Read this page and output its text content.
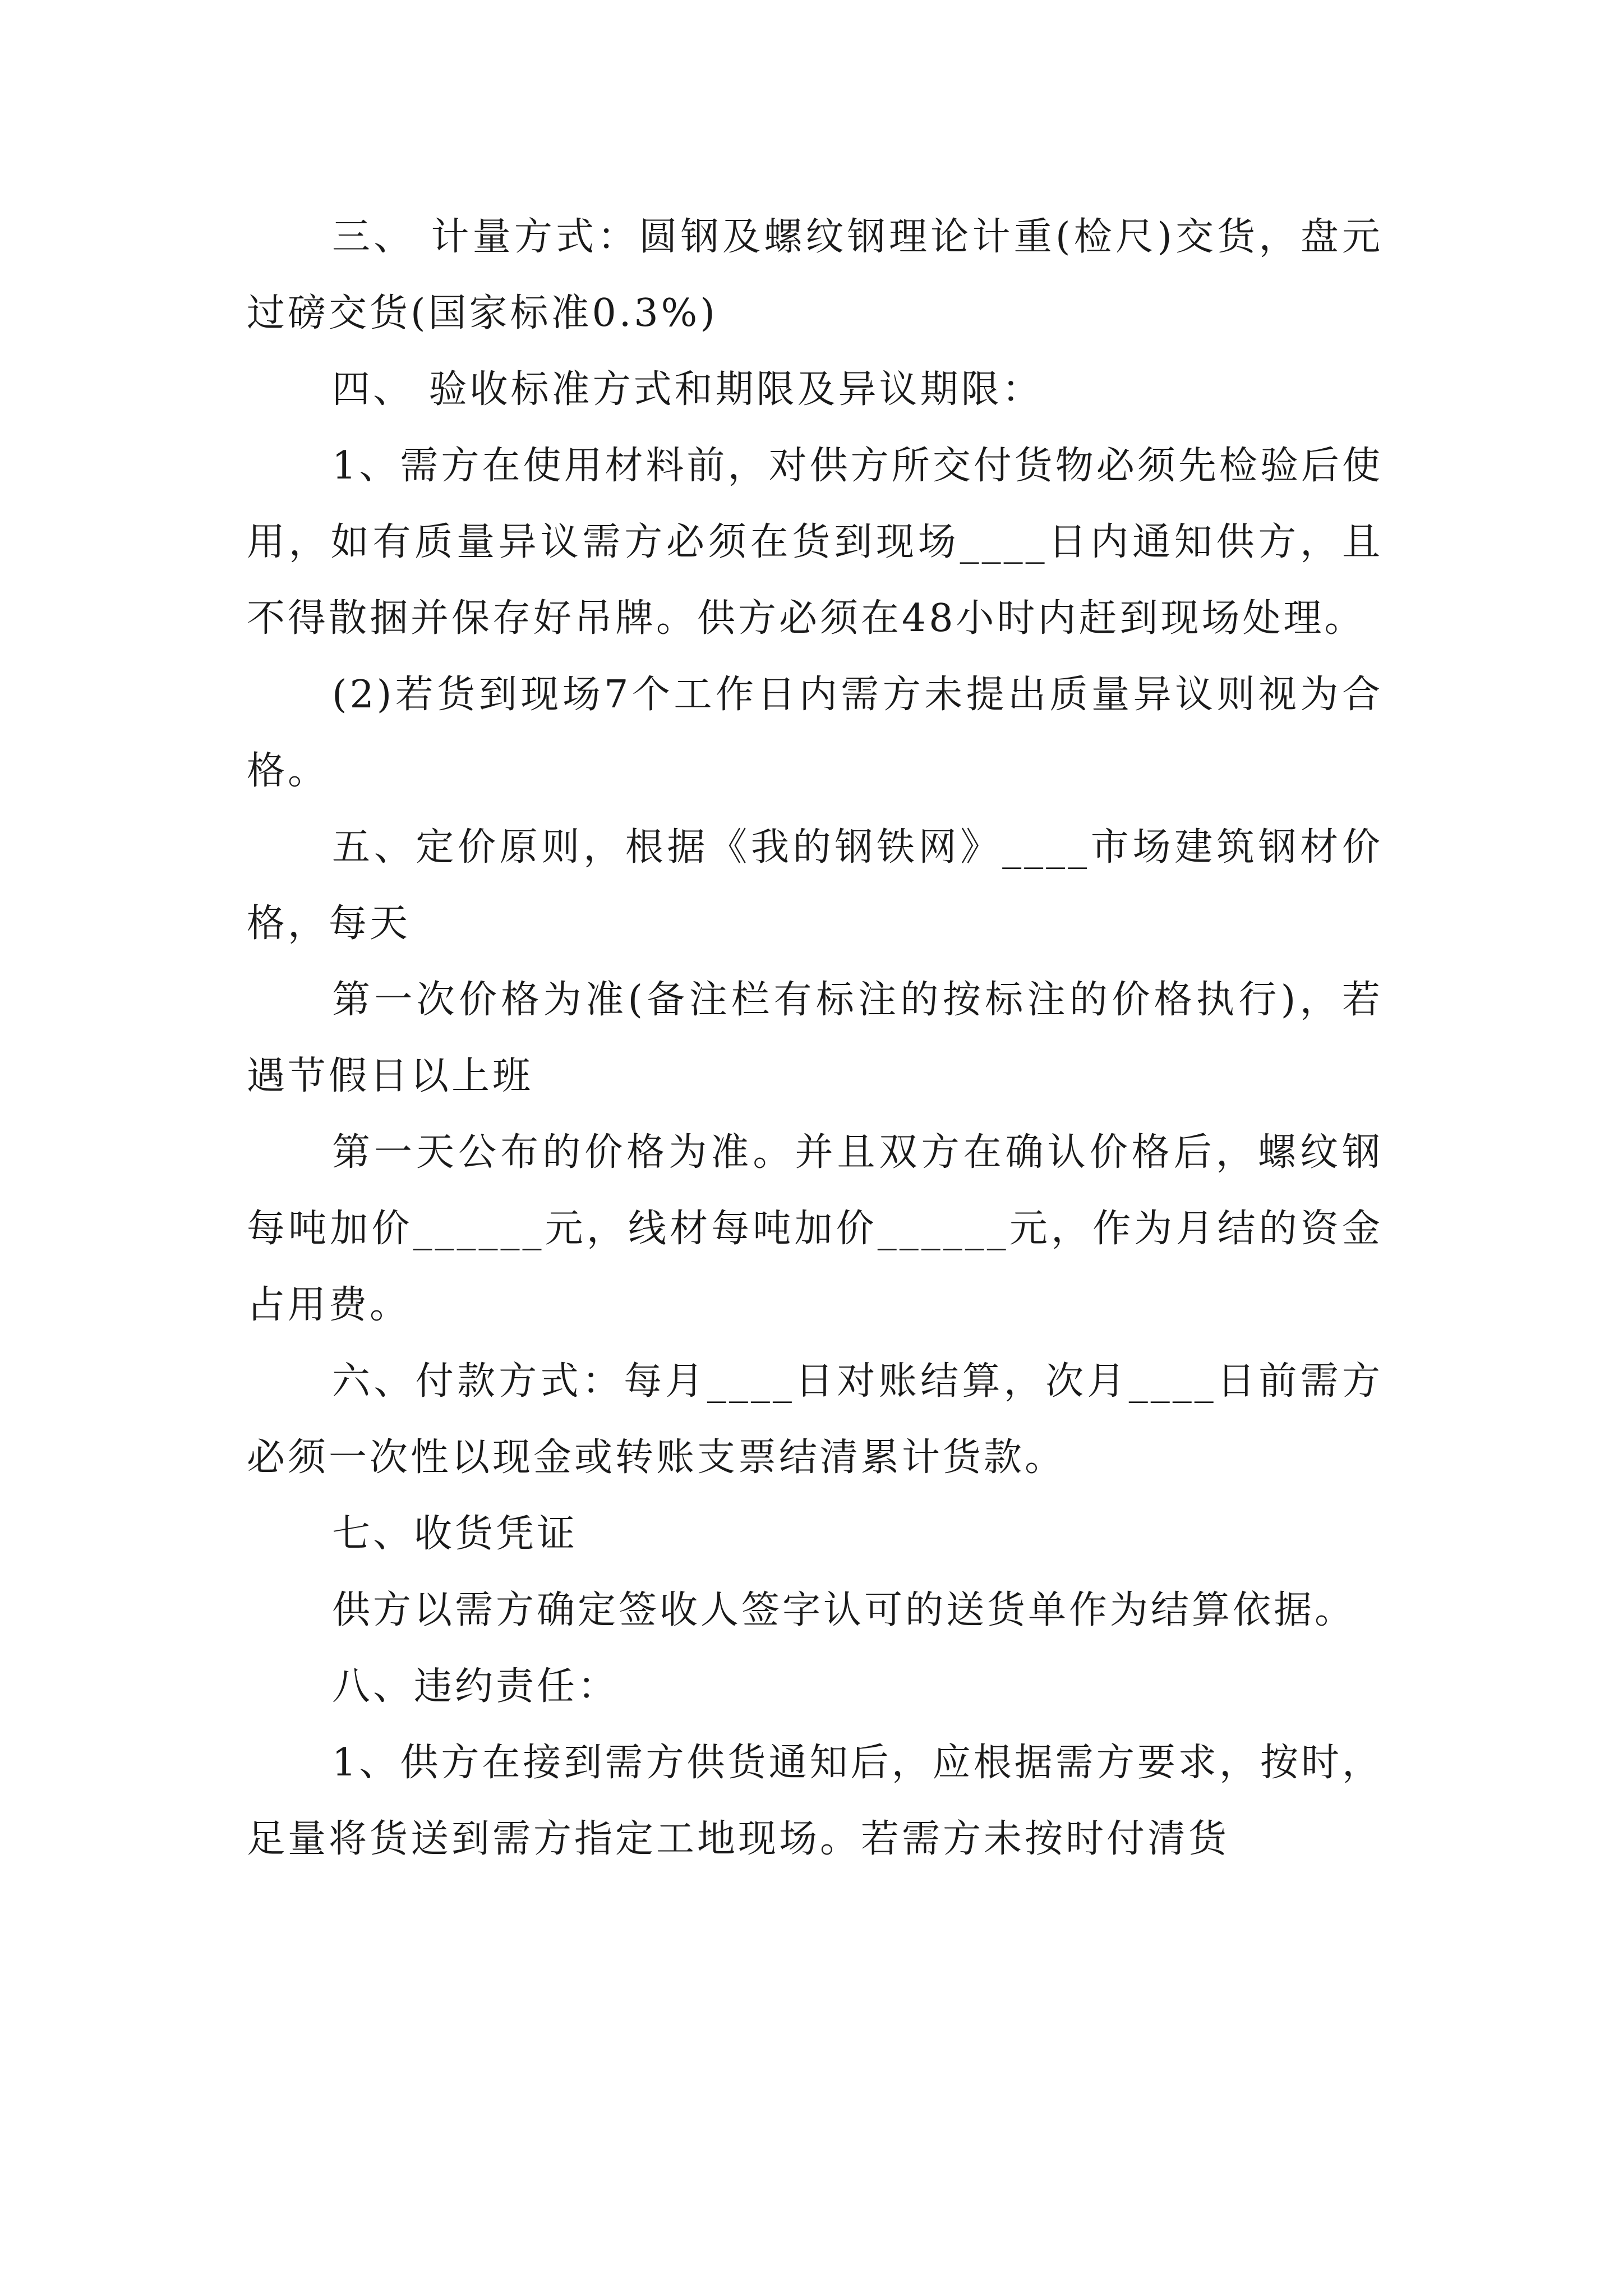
三、 计量方式：圆钢及螺纹钢理论计重(检尺)交货，盘元过磅交货(国家标准0.3%)

四、 验收标准方式和期限及异议期限：

1、需方在使用材料前，对供方所交付货物必须先检验后使用，如有质量异议需方必须在货到现场____日内通知供方，且不得散捆并保存好吊牌。供方必须在48小时内赶到现场处理。

(2)若货到现场7个工作日内需方未提出质量异议则视为合格。

五、定价原则，根据《我的钢铁网》____市场建筑钢材价格，每天

第一次价格为准(备注栏有标注的按标注的价格执行)，若遇节假日以上班

第一天公布的价格为准。并且双方在确认价格后，螺纹钢每吨加价______元，线材每吨加价______元，作为月结的资金占用费。

六、付款方式：每月____日对账结算，次月____日前需方必须一次性以现金或转账支票结清累计货款。

七、收货凭证

供方以需方确定签收人签字认可的送货单作为结算依据。

八、违约责任：

1、供方在接到需方供货通知后，应根据需方要求，按时，足量将货送到需方指定工地现场。若需方未按时付清货
